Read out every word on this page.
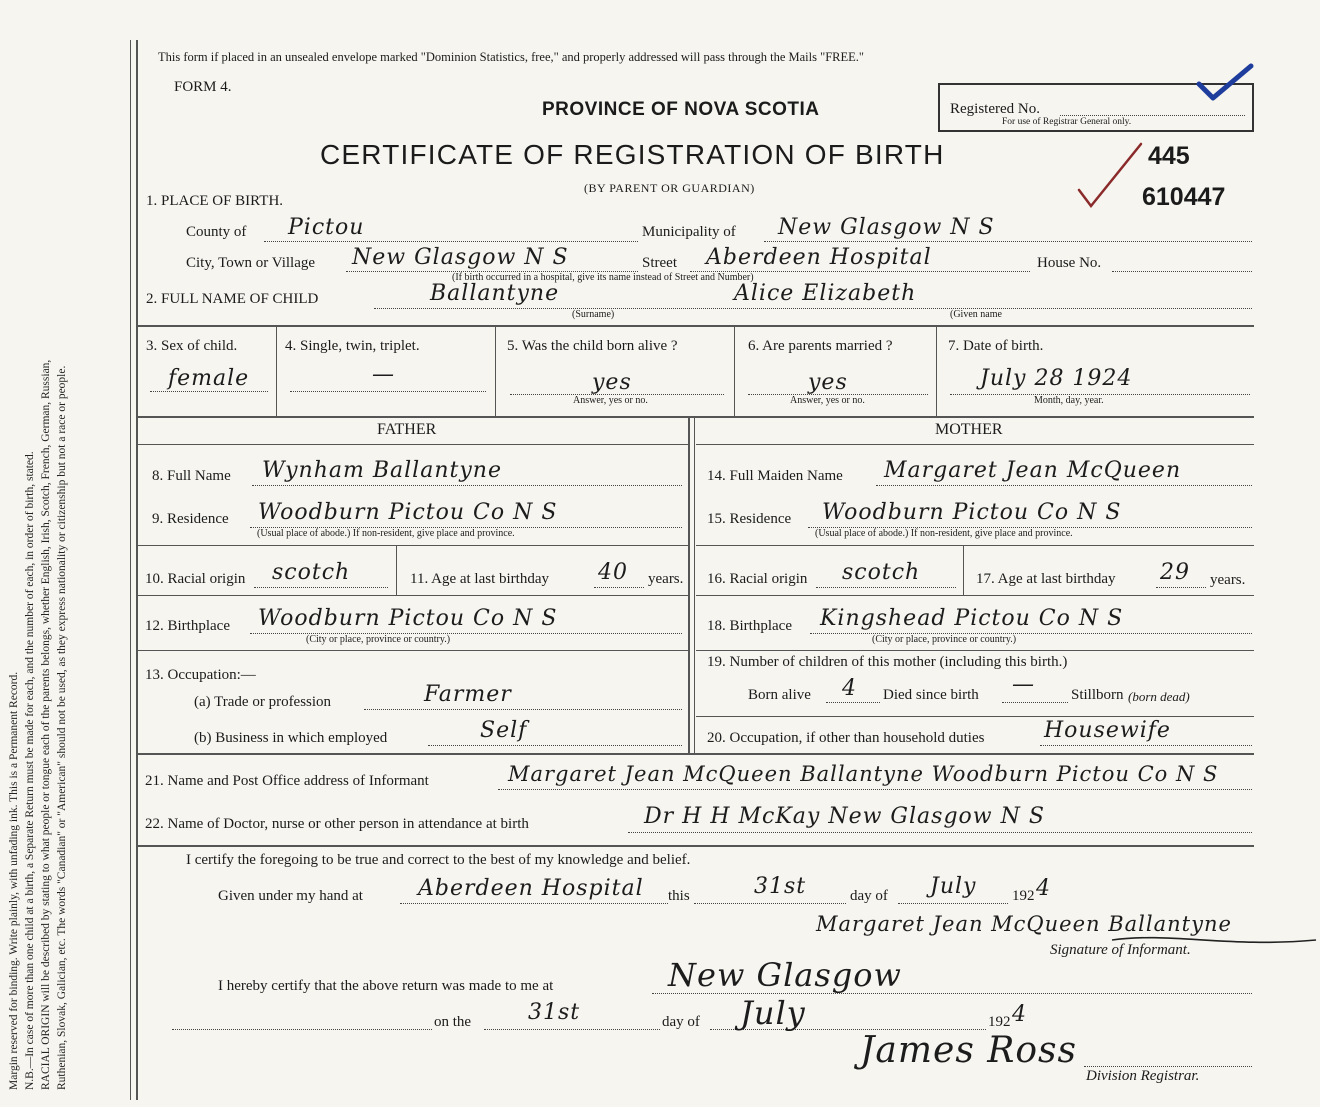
Margin reserved for binding. Write plainly, with unfading ink. This is a Permanent Record. N.B.—In case of more than one child at a birth, a Separate Return must be made for each, and the number of each, in order of birth, stated. RACIAL ORIGIN will be described by stating to what people or tongue each of the parents belongs, whether English, Irish, Scotch, French, German, Russian, Ruthenian, Slovak, Galician, etc. The words "Canadian" or "American" should not be used, as they express nationality or citizenship but not a race or people.
This form if placed in an unsealed envelope marked "Dominion Statistics, free," and properly addressed will pass through the Mails "FREE."
FORM 4.
PROVINCE OF NOVA SCOTIA
CERTIFICATE OF REGISTRATION OF BIRTH
(BY PARENT OR GUARDIAN)
Registered No.
For use of Registrar General only.
445
610447
1. PLACE OF BIRTH.
County of Pictou	Municipality of New Glasgow N S
City, Town or Village New Glasgow N S	Street Aberdeen Hospital	House No.
(If birth occurred in a hospital, give its name instead of Street and Number)
2. FULL NAME OF CHILD	Ballantyne
(Surname)
Alice Elizabeth
(Given name
3. Sex of child.
female
4. Single, twin, triplet.
—
5. Was the child born alive ?
yes
Answer, yes or no.
6. Are parents married ?
yes
Answer, yes or no.
7. Date of birth.
July 28 1924
Month, day, year.
FATHER	MOTHER
8. Full Name Wynham Ballantyne
9. Residence Woodburn Pictou Co N S
(Usual place of abode.) If non-resident, give place and province.
10. Racial origin scotch	11. Age at last birthday 40 years.
12. Birthplace Woodburn Pictou Co N S
(City or place, province or country.)
13. Occupation:—
(a) Trade or profession	Farmer
(b) Business in which employed	Self
14. Full Maiden Name Margaret Jean McQueen
15. Residence Woodburn Pictou Co N S
(Usual place of abode.) If non-resident, give place and province.
16. Racial origin scotch	17. Age at last birthday 29 years.
18. Birthplace Kingshead Pictou Co N S
(City or place, province or country.)
19. Number of children of this mother (including this birth.)
Born alive 4 Died since birth — Stillborn (born dead)
20. Occupation, if other than household duties	Housewife
21. Name and Post Office address of Informant	Margaret Jean McQueen Ballantyne Woodburn Pictou Co N S
22. Name of Doctor, nurse or other person in attendance at birth	Dr H H McKay New Glasgow N S
I certify the foregoing to be true and correct to the best of my knowledge and belief.
Given under my hand at	Aberdeen Hospital this	31st	day of July 192 4
Margaret Jean McQueen Ballantyne
Signature of Informant.
I hereby certify that the above return was made to me at	New Glasgow
on the	31st	day of July	192 4
James Ross
Division Registrar.
